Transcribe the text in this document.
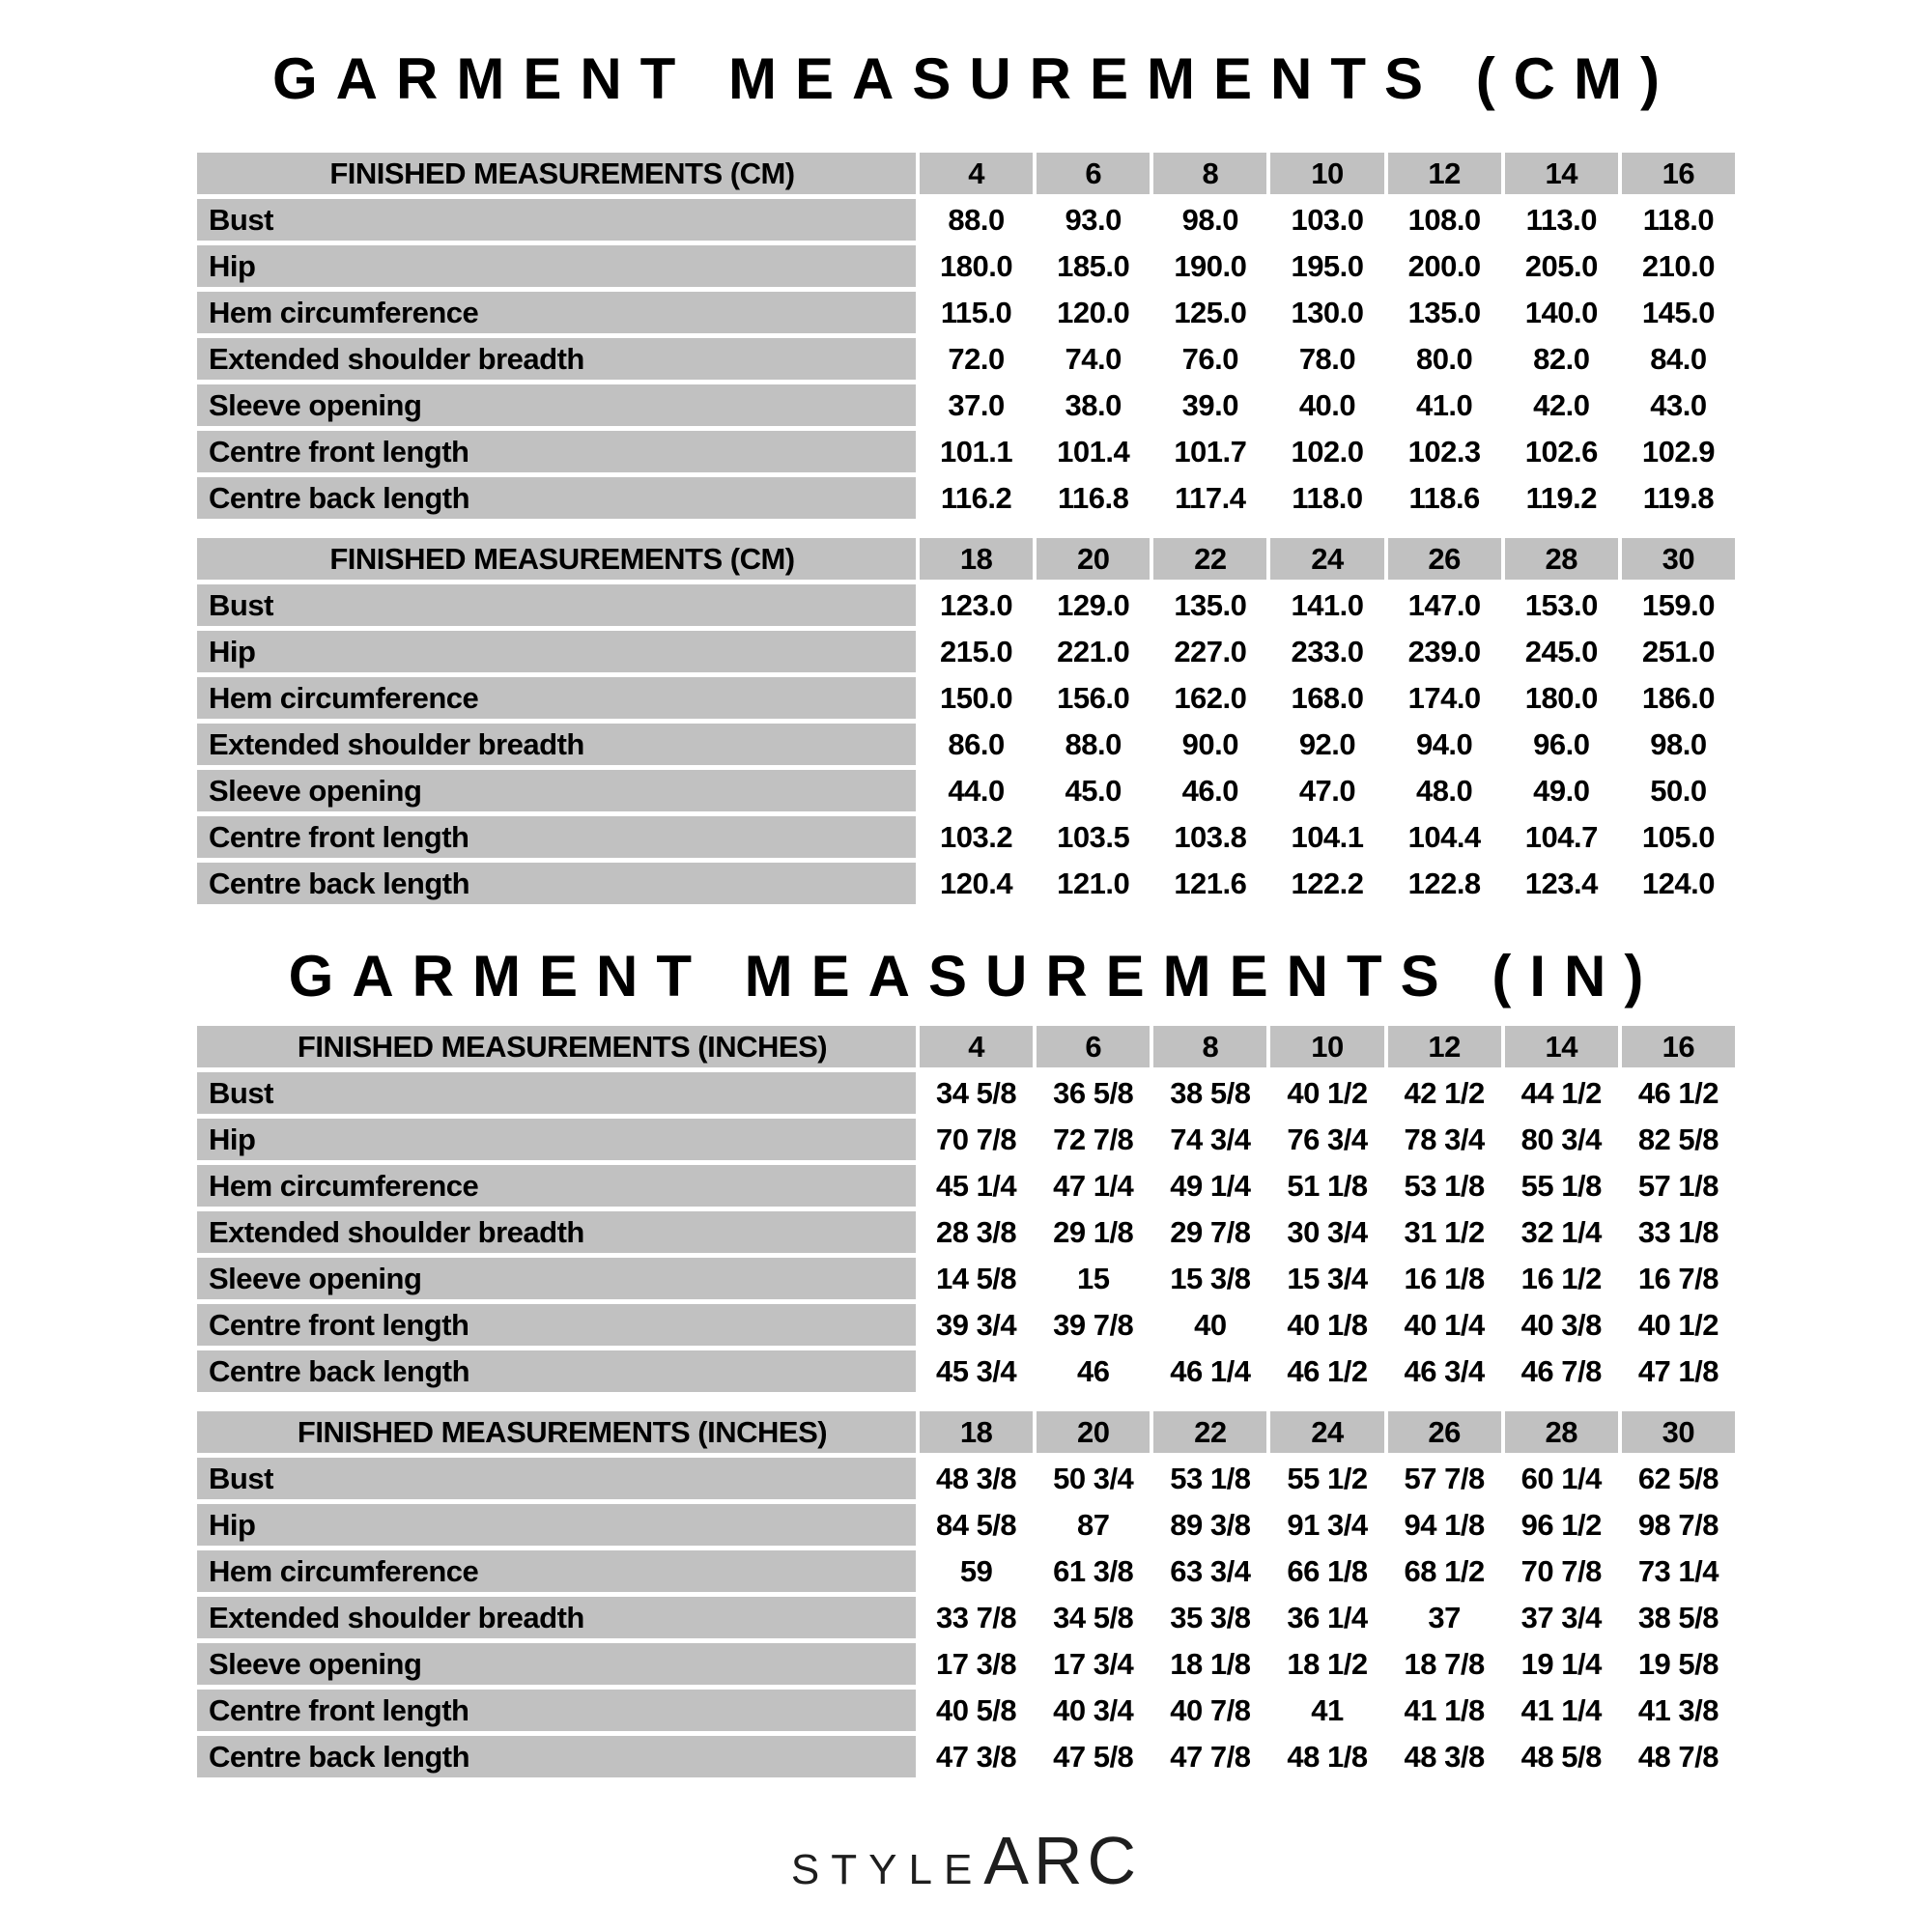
GARMENT MEASUREMENTS (CM)
FINISHED MEASUREMENTS (CM)	4	6	8	10	12	14	16
Bust	88.0	93.0	98.0	103.0	108.0	113.0	118.0
Hip	180.0	185.0	190.0	195.0	200.0	205.0	210.0
Hem circumference	115.0	120.0	125.0	130.0	135.0	140.0	145.0
Extended shoulder breadth	72.0	74.0	76.0	78.0	80.0	82.0	84.0
Sleeve opening	37.0	38.0	39.0	40.0	41.0	42.0	43.0
Centre front length	101.1	101.4	101.7	102.0	102.3	102.6	102.9
Centre back length	116.2	116.8	117.4	118.0	118.6	119.2	119.8
FINISHED MEASUREMENTS (CM)	18	20	22	24	26	28	30
Bust	123.0	129.0	135.0	141.0	147.0	153.0	159.0
Hip	215.0	221.0	227.0	233.0	239.0	245.0	251.0
Hem circumference	150.0	156.0	162.0	168.0	174.0	180.0	186.0
Extended shoulder breadth	86.0	88.0	90.0	92.0	94.0	96.0	98.0
Sleeve opening	44.0	45.0	46.0	47.0	48.0	49.0	50.0
Centre front length	103.2	103.5	103.8	104.1	104.4	104.7	105.0
Centre back length	120.4	121.0	121.6	122.2	122.8	123.4	124.0
GARMENT MEASUREMENTS (IN)
FINISHED MEASUREMENTS (INCHES)	4	6	8	10	12	14	16
Bust	34 5/8	36 5/8	38 5/8	40 1/2	42 1/2	44 1/2	46 1/2
Hip	70 7/8	72 7/8	74 3/4	76 3/4	78 3/4	80 3/4	82 5/8
Hem circumference	45 1/4	47 1/4	49 1/4	51 1/8	53 1/8	55 1/8	57 1/8
Extended shoulder breadth	28 3/8	29 1/8	29 7/8	30 3/4	31 1/2	32 1/4	33 1/8
Sleeve opening	14 5/8	15	15 3/8	15 3/4	16 1/8	16 1/2	16 7/8
Centre front length	39 3/4	39 7/8	40	40 1/8	40 1/4	40 3/8	40 1/2
Centre back length	45 3/4	46	46 1/4	46 1/2	46 3/4	46 7/8	47 1/8
FINISHED MEASUREMENTS (INCHES)	18	20	22	24	26	28	30
Bust	48 3/8	50 3/4	53 1/8	55 1/2	57 7/8	60 1/4	62 5/8
Hip	84 5/8	87	89 3/8	91 3/4	94 1/8	96 1/2	98 7/8
Hem circumference	59	61 3/8	63 3/4	66 1/8	68 1/2	70 7/8	73 1/4
Extended shoulder breadth	33 7/8	34 5/8	35 3/8	36 1/4	37	37 3/4	38 5/8
Sleeve opening	17 3/8	17 3/4	18 1/8	18 1/2	18 7/8	19 1/4	19 5/8
Centre front length	40 5/8	40 3/4	40 7/8	41	41 1/8	41 1/4	41 3/8
Centre back length	47 3/8	47 5/8	47 7/8	48 1/8	48 3/8	48 5/8	48 7/8
STYLE ARC
